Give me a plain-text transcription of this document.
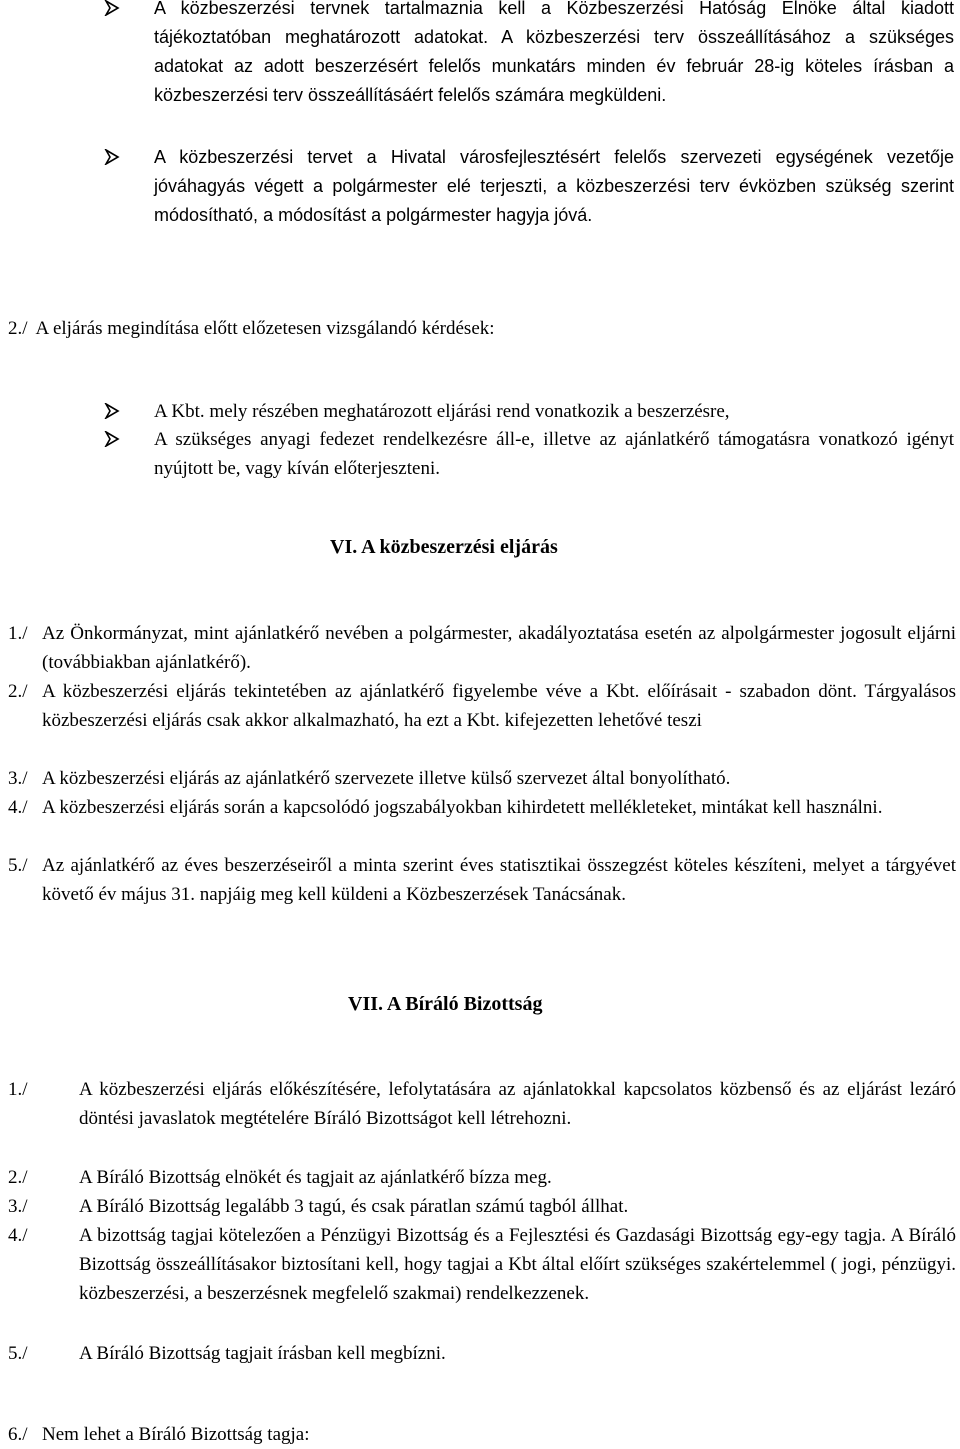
A közbeszerzési tervnek tartalmaznia kell a Közbeszerzési Hatóság Elnöke által kiadott tájékoztatóban meghatározott adatokat. A közbeszerzési terv összeállításához a szükséges adatokat az adott beszerzésért felelős munkatárs minden év február 28-ig köteles írásban a közbeszerzési terv összeállításáért felelős számára megküldeni.
A közbeszerzési tervet a Hivatal városfejlesztésért felelős szervezeti egységének vezetője jóváhagyás végett a polgármester elé terjeszti, a közbeszerzési terv évközben szükség szerint módosítható, a módosítást a polgármester hagyja jóvá.
2./ A eljárás megindítása előtt előzetesen vizsgálandó kérdések:
A Kbt. mely részében meghatározott eljárási rend vonatkozik a beszerzésre,
A szükséges anyagi fedezet rendelkezésre áll-e, illetve az ajánlatkérő támogatásra vonatkozó igényt nyújtott be, vagy kíván előterjeszteni.
VI. A közbeszerzési eljárás
1./ Az Önkormányzat, mint ajánlatkérő nevében a polgármester, akadályoztatása esetén az alpolgármester jogosult eljárni (továbbiakban ajánlatkérő).
2./ A közbeszerzési eljárás tekintetében az ajánlatkérő figyelembe véve a Kbt. előírásait - szabadon dönt. Tárgyalásos közbeszerzési eljárás csak akkor alkalmazható, ha ezt a Kbt. kifejezetten lehetővé teszi
3./ A közbeszerzési eljárás az ajánlatkérő szervezete illetve külső szervezet által bonyolítható.
4./ A közbeszerzési eljárás során a kapcsolódó jogszabályokban kihirdetett mellékleteket, mintákat kell használni.
5./ Az ajánlatkérő az éves beszerzéseiről a minta szerint éves statisztikai összegzést köteles készíteni, melyet a tárgyévet követő év május 31. napjáig meg kell küldeni a Közbeszerzések Tanácsának.
VII. A Bíráló Bizottság
1./	A közbeszerzési eljárás előkészítésére, lefolytatására az ajánlatokkal kapcsolatos közbenső és az eljárást lezáró döntési javaslatok megtételére Bíráló Bizottságot kell létrehozni.
2./	A Bíráló Bizottság elnökét és tagjait az ajánlatkérő bízza meg.
3./	A Bíráló Bizottság legalább 3 tagú, és csak páratlan számú tagból állhat.
4./	A bizottság tagjai kötelezően a Pénzügyi Bizottság és a Fejlesztési és Gazdasági Bizottság egy-egy tagja. A Bíráló Bizottság összeállításakor biztosítani kell, hogy tagjai a Kbt által előírt szükséges szakértelemmel ( jogi, pénzügyi. közbeszerzési, a beszerzésnek megfelelő szakmai) rendelkezzenek.
5./	A Bíráló Bizottság tagjait írásban kell megbízni.
6./ Nem lehet a Bíráló Bizottság tagja:
